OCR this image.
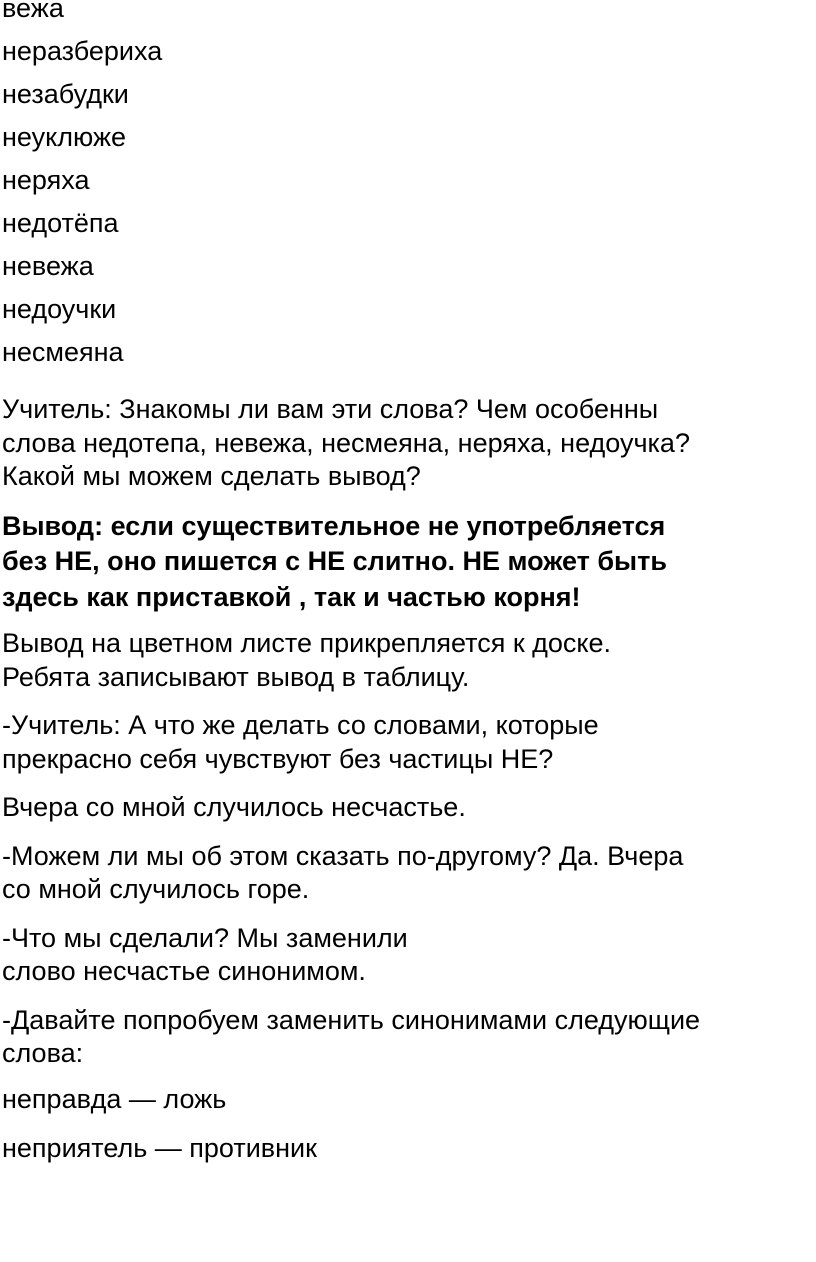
вежа
неразбериха
незабудки
неуклюже
неряха
недотёпа
невежа
недоучки
несмеяна
Учитель: Знакомы ли вам эти слова? Чем особенны
слова недотепа, невежа, несмеяна, неряха, недоучка?
Какой мы можем сделать вывод?
Вывод: если существительное не употребляется
без НЕ, оно пишется с НЕ слитно. НЕ может быть
здесь как приставкой , так и частью корня!
Вывод на цветном листе прикрепляется к доске.
Ребята записывают вывод в таблицу.
-Учитель: А что же делать со словами, которые
прекрасно себя чувствуют без частицы НЕ?
Вчера со мной случилось несчастье.
-Можем ли мы об этом сказать по-другому? Да. Вчера
со мной случилось горе.
-Что мы сделали? Мы заменили
слово несчастье синонимом.
-Давайте попробуем заменить синонимами следующие
слова:
неправда — ложь
неприятель — противник
